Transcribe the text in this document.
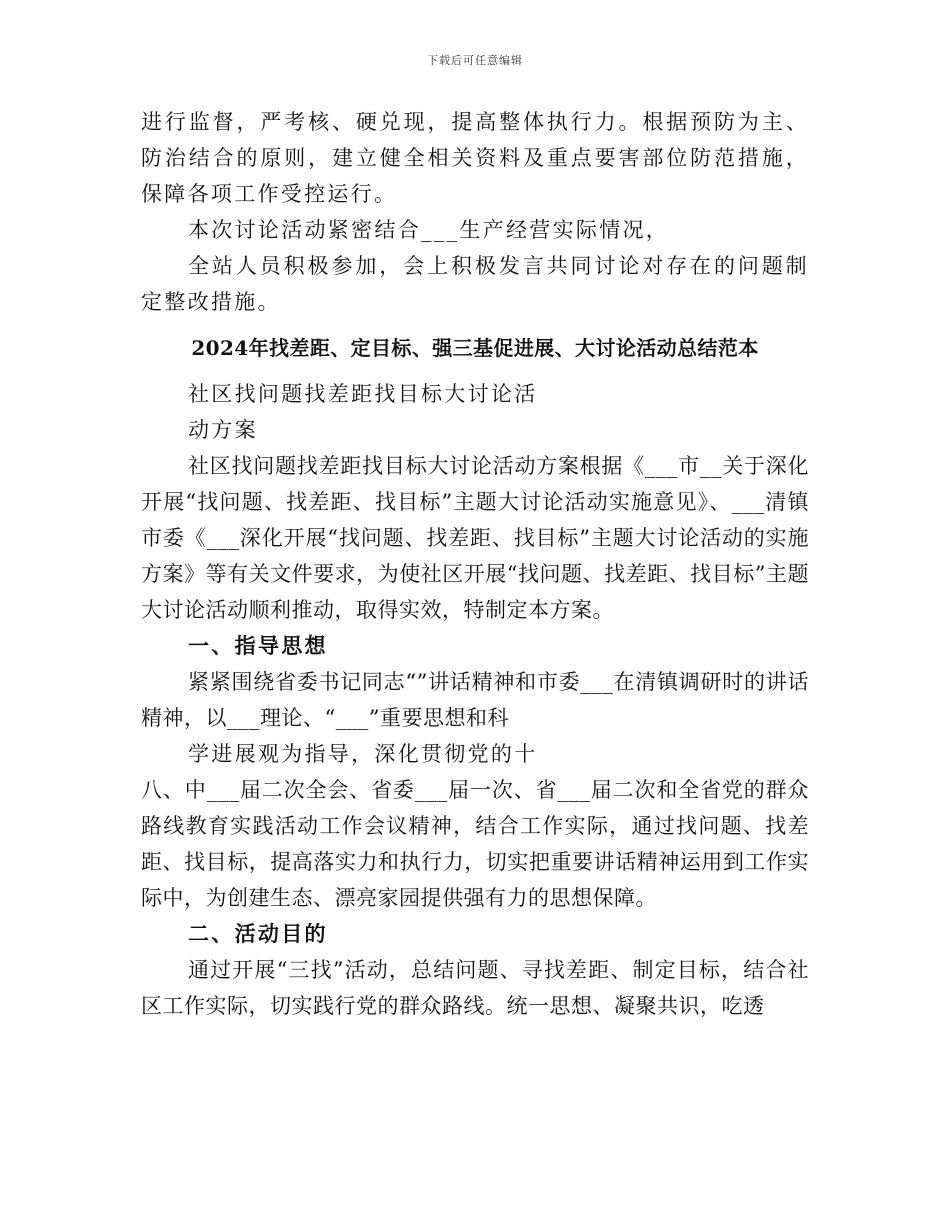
下载后可任意编辑

进行监督，严考核、硬兑现，提高整体执行力。根据预防为主、防治结合的原则，建立健全相关资料及重点要害部位防范措施，保障各项工作受控运行。

本次讨论活动紧密结合___生产经营实际情况，

全站人员积极参加，会上积极发言共同讨论对存在的问题制定整改措施。

2024年找差距、定目标、强三基促进展、大讨论活动总结范本

社区找问题找差距找目标大讨论活

动方案

社区找问题找差距找目标大讨论活动方案根据《___市__关于深化开展“找问题、找差距、找目标”主题大讨论活动实施意见》、___清镇市委《___深化开展“找问题、找差距、找目标”主题大讨论活动的实施方案》等有关文件要求，为使社区开展“找问题、找差距、找目标”主题大讨论活动顺利推动，取得实效，特制定本方案。

一、指导思想

紧紧围绕省委书记同志“”讲话精神和市委___在清镇调研时的讲话精神，以___理论、“___”重要思想和科

学进展观为指导，深化贯彻党的十

八、中___届二次全会、省委___届一次、省___届二次和全省党的群众路线教育实践活动工作会议精神，结合工作实际，通过找问题、找差距、找目标，提高落实力和执行力，切实把重要讲话精神运用到工作实际中，为创建生态、漂亮家园提供强有力的思想保障。

二、活动目的

通过开展“三找”活动，总结问题、寻找差距、制定目标，结合社区工作实际，切实践行党的群众路线。统一思想、凝聚共识，吃透
